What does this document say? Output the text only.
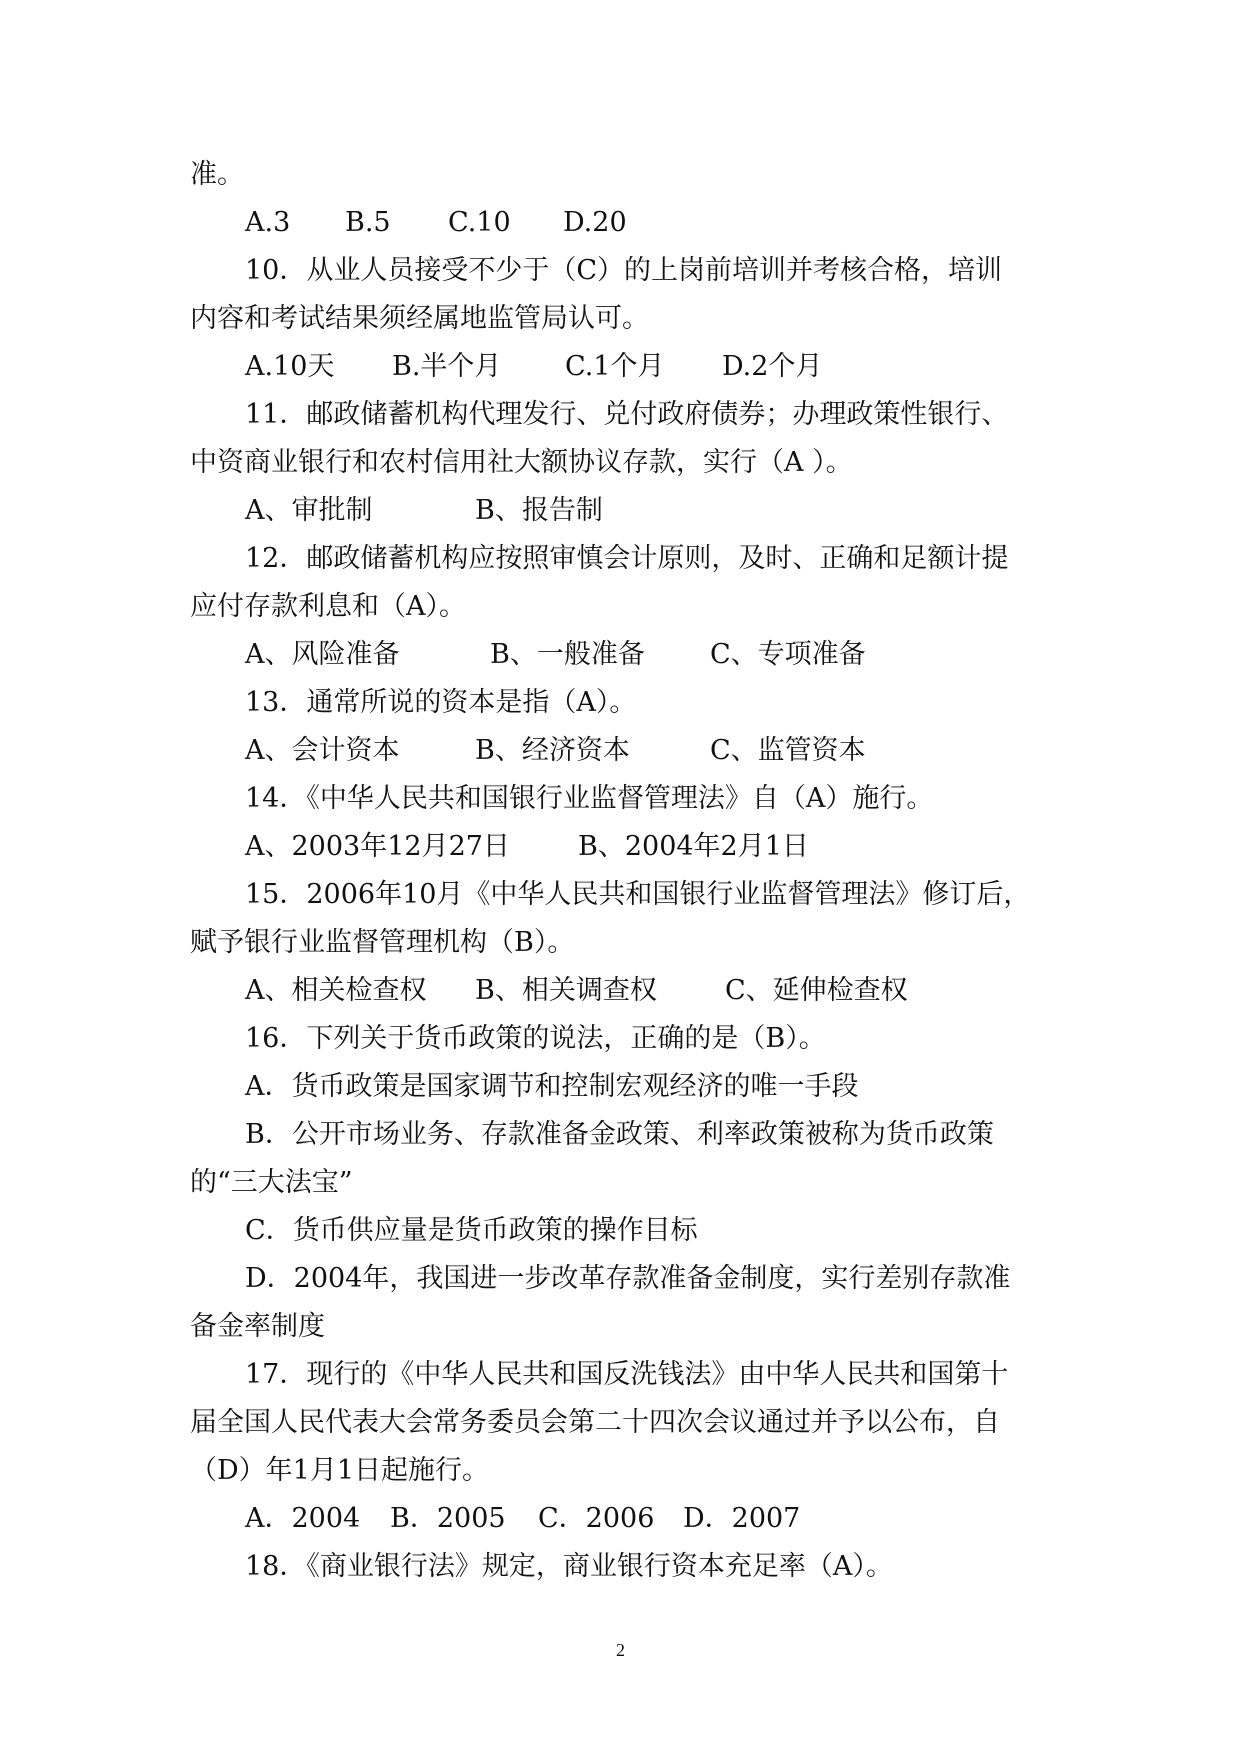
准。
A.3 B.5 C.10 D.20
10．从业人员接受不少于（C）的上岗前培训并考核合格，培训
内容和考试结果须经属地监管局认可。
A.10天 B.半个月 C.1个月 D.2个月
11．邮政储蓄机构代理发行、兑付政府债券；办理政策性银行、
中资商业银行和农村信用社大额协议存款，实行（A ）。
A、审批制	B、报告制
12．邮政储蓄机构应按照审慎会计原则，及时、正确和足额计提
应付存款利息和（A）。
A、风险准备	B、一般准备 C、专项准备
13．通常所说的资本是指（A）。
A、会计资本	B、经济资本	C、监管资本
14．《中华人民共和国银行业监督管理法》自（A）施行。
A、2003年12月27日	B、2004年2月1日
15．2006年10月《中华人民共和国银行业监督管理法》修订后，
赋予银行业监督管理机构（B）。
A、相关检查权 B、相关调查权	C、延伸检查权
16．下列关于货币政策的说法，正确的是（B）。
A．货币政策是国家调节和控制宏观经济的唯一手段
B．公开市场业务、存款准备金政策、利率政策被称为货币政策
的“三大法宝”
C．货币供应量是货币政策的操作目标
D．2004年，我国进一步改革存款准备金制度，实行差别存款准
备金率制度
17．现行的《中华人民共和国反洗钱法》由中华人民共和国第十
届全国人民代表大会常务委员会第二十四次会议通过并予以公布，自
（D）年1月1日起施行。
A．2004 B．2005 C．2006 D．2007
18．《商业银行法》规定，商业银行资本充足率（A）。
2
